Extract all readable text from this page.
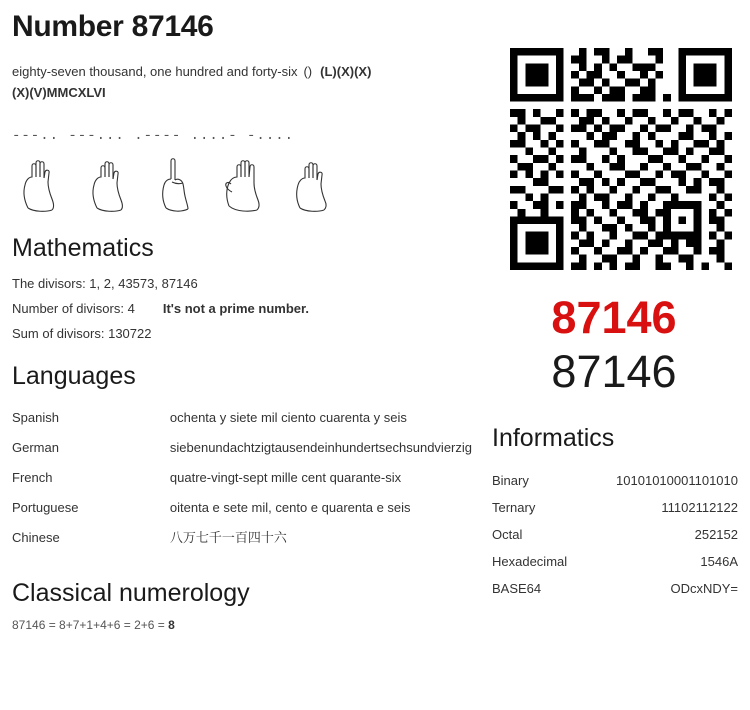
Number 87146
eighty-seven thousand, one hundred and forty-six () (L)(X)(X)
(X)(V)MMCXLVI
---.. ---... .---- ....- -....
Mathematics
The divisors: 1, 2, 43573, 87146
Number of divisors: 4 It's not a prime number.
Sum of divisors: 130722
Languages
Spanish	ochenta y siete mil ciento cuarenta y seis
German	siebenundachtzigtausendeinhundertsechsundvierzig
French	quatre-vingt-sept mille cent quarante-six
Portuguese	oitenta e sete mil, cento e quarenta e seis
Chinese	八万七千一百四十六
Classical numerology
87146 = 8+7+1+4+6 = 2+6 = 8
87146
87146
Informatics
Binary	10101010001101010
Ternary	11102112122
Octal	252152
Hexadecimal	1546A
BASE64	ODcxNDY=
